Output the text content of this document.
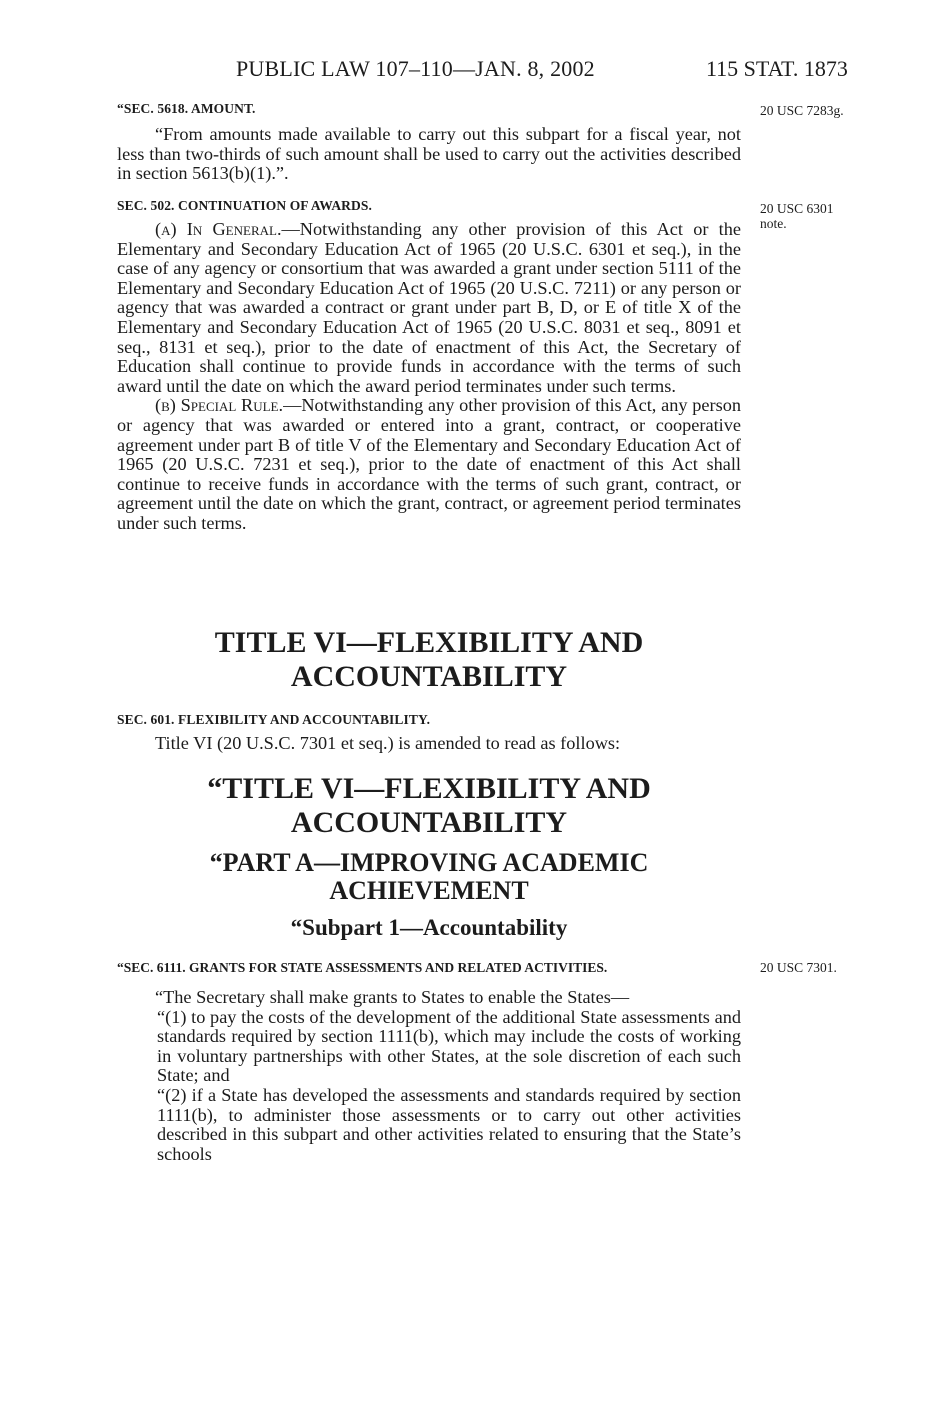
PUBLIC LAW 107–110—JAN. 8, 2002	115 STAT. 1873
20 USC 7283g.
20 USC 6301
note.
20 USC 7301.

“SEC. 5618. AMOUNT.

“From amounts made available to carry out this subpart for a fiscal year, not less than two-thirds of such amount shall be used to carry out the activities described in section 5613(b)(1).”.

SEC. 502. CONTINUATION OF AWARDS.

(a) In General.—Notwithstanding any other provision of this Act or the Elementary and Secondary Education Act of 1965 (20 U.S.C. 6301 et seq.), in the case of any agency or consortium that was awarded a grant under section 5111 of the Elementary and Secondary Education Act of 1965 (20 U.S.C. 7211) or any person or agency that was awarded a contract or grant under part B, D, or E of title X of the Elementary and Secondary Education Act of 1965 (20 U.S.C. 8031 et seq., 8091 et seq., 8131 et seq.), prior to the date of enactment of this Act, the Secretary of Education shall continue to provide funds in accordance with the terms of such award until the date on which the award period terminates under such terms.

(b) Special Rule.—Notwithstanding any other provision of this Act, any person or agency that was awarded or entered into a grant, contract, or cooperative agreement under part B of title V of the Elementary and Secondary Education Act of 1965 (20 U.S.C. 7231 et seq.), prior to the date of enactment of this Act shall continue to receive funds in accordance with the terms of such grant, contract, or agreement until the date on which the grant, contract, or agreement period terminates under such terms.

TITLE VI—FLEXIBILITY AND
ACCOUNTABILITY

SEC. 601. FLEXIBILITY AND ACCOUNTABILITY.

Title VI (20 U.S.C. 7301 et seq.) is amended to read as follows:

“TITLE VI—FLEXIBILITY AND
ACCOUNTABILITY
“PART A—IMPROVING ACADEMIC
ACHIEVEMENT
“Subpart 1—Accountability

“SEC. 6111. GRANTS FOR STATE ASSESSMENTS AND RELATED ACTIVITIES.

“The Secretary shall make grants to States to enable the States—

“(1) to pay the costs of the development of the additional State assessments and standards required by section 1111(b), which may include the costs of working in voluntary partnerships with other States, at the sole discretion of each such State; and

“(2) if a State has developed the assessments and standards required by section 1111(b), to administer those assessments or to carry out other activities described in this subpart and other activities related to ensuring that the State’s schools
